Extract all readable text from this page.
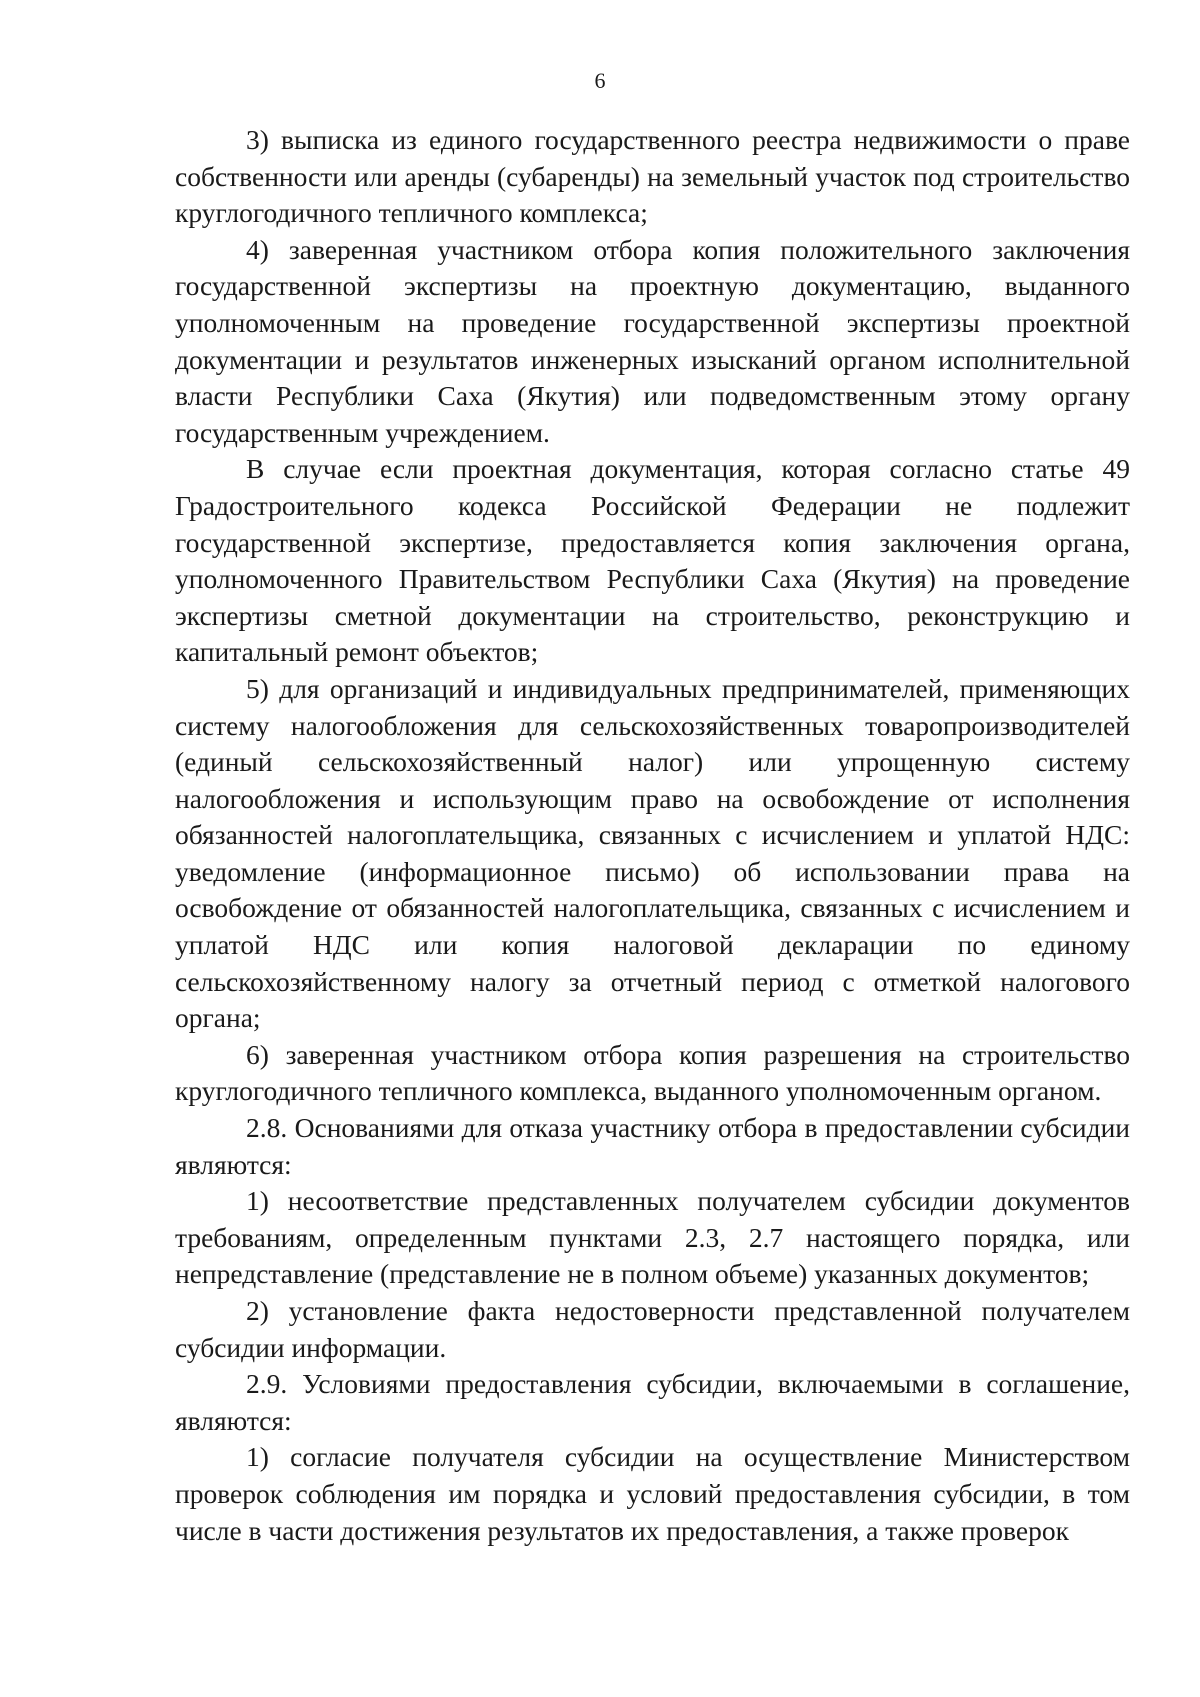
6

3) выписка из единого государственного реестра недвижимости о праве собственности или аренды (субаренды) на земельный участок под строительство круглогодичного тепличного комплекса;

4) заверенная участником отбора копия положительного заключения государственной экспертизы на проектную документацию, выданного уполномоченным на проведение государственной экспертизы проектной документации и результатов инженерных изысканий органом исполнительной власти Республики Саха (Якутия) или подведомственным этому органу государственным учреждением.

В случае если проектная документация, которая согласно статье 49 Градостроительного кодекса Российской Федерации не подлежит государственной экспертизе, предоставляется копия заключения органа, уполномоченного Правительством Республики Саха (Якутия) на проведение экспертизы сметной документации на строительство, реконструкцию и капитальный ремонт объектов;

5) для организаций и индивидуальных предпринимателей, применяющих систему налогообложения для сельскохозяйственных товаропроизводителей (единый сельскохозяйственный налог) или упрощенную систему налогообложения и использующим право на освобождение от исполнения обязанностей налогоплательщика, связанных с исчислением и уплатой НДС: уведомление (информационное письмо) об использовании права на освобождение от обязанностей налогоплательщика, связанных с исчислением и уплатой НДС или копия налоговой декларации по единому сельскохозяйственному налогу за отчетный период с отметкой налогового органа;

6) заверенная участником отбора копия разрешения на строительство круглогодичного тепличного комплекса, выданного уполномоченным органом.

2.8. Основаниями для отказа участнику отбора в предоставлении субсидии являются:

1) несоответствие представленных получателем субсидии документов требованиям, определенным пунктами 2.3, 2.7 настоящего порядка, или непредставление (представление не в полном объеме) указанных документов;

2) установление факта недостоверности представленной получателем субсидии информации.

2.9. Условиями предоставления субсидии, включаемыми в соглашение, являются:

1) согласие получателя субсидии на осуществление Министерством проверок соблюдения им порядка и условий предоставления субсидии, в том числе в части достижения результатов их предоставления, а также проверок
